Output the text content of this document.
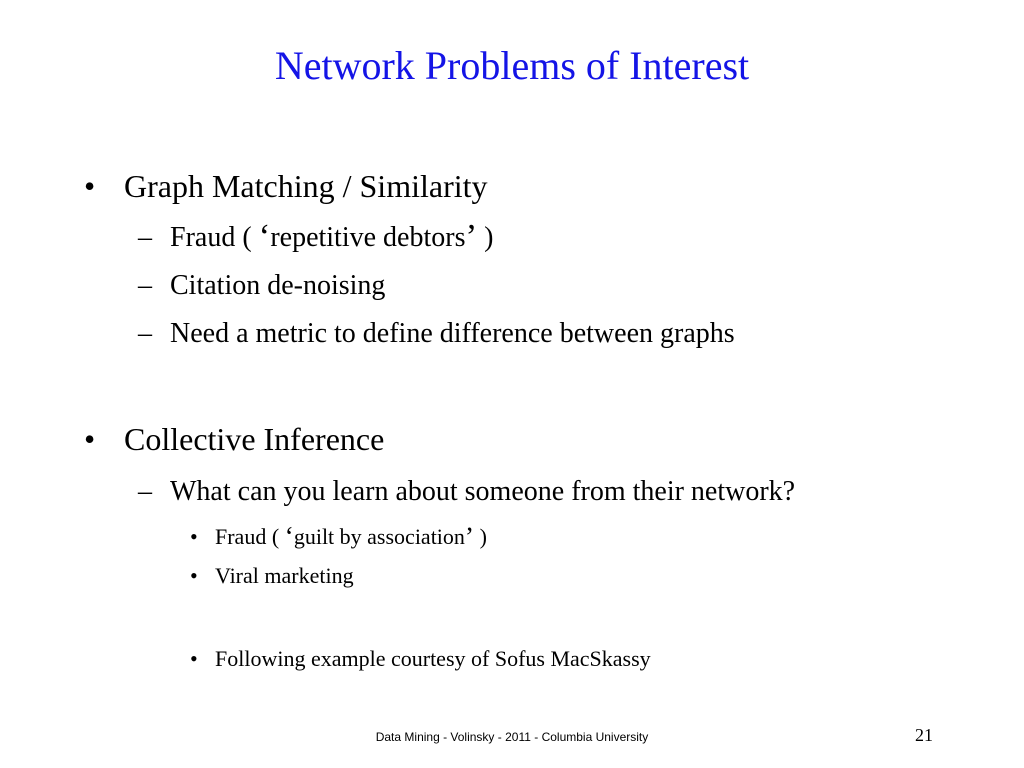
Network Problems of Interest
• Graph Matching / Similarity
– Fraud ( ‘repetitive debtors’ )
– Citation de-noising
– Need a metric to define difference between graphs
• Collective Inference
– What can you learn about someone from their network?
• Fraud ( ‘guilt by association’ )
• Viral marketing
• Following example courtesy of Sofus MacSkassy
Data Mining - Volinsky - 2011 - Columbia University	21
